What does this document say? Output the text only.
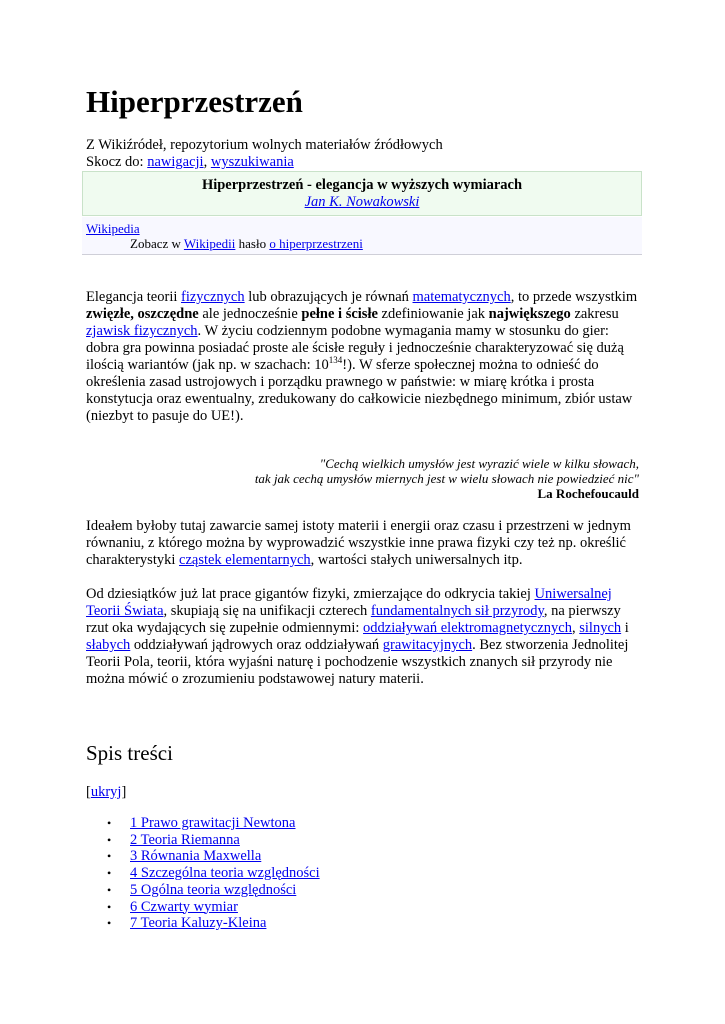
Hiperprzestrzeń
Z Wikiźródeł, repozytorium wolnych materiałów źródłowych
Skocz do: nawigacji, wyszukiwania
Hiperprzestrzeń - elegancja w wyższych wymiarach
Jan K. Nowakowski
Wikipedia
Zobacz w Wikipedii hasło o hiperprzestrzeni
Elegancja teorii fizycznych lub obrazujących je równań matematycznych, to przede wszystkim zwięzłe, oszczędne ale jednocześnie pełne i ścisłe zdefiniowanie jak największego zakresu zjawisk fizycznych. W życiu codziennym podobne wymagania mamy w stosunku do gier: dobra gra powinna posiadać proste ale ścisłe reguły i jednocześnie charakteryzować się dużą ilością wariantów (jak np. w szachach: $10^{134}$!). W sferze społecznej można to odnieść do określenia zasad ustrojowych i porządku prawnego w państwie: w miarę krótka i prosta konstytucja oraz ewentualny, zredukowany do całkowicie niezbędnego minimum, zbiór ustaw (niezbyt to pasuje do UE!).
"Cechą wielkich umysłów jest wyrazić wiele w kilku słowach,
tak jak cechą umysłów miernych jest w wielu słowach nie powiedzieć nic"
La Rochefoucauld
Ideałem byłoby tutaj zawarcie samej istoty materii i energii oraz czasu i przestrzeni w jednym równaniu, z którego można by wyprowadzić wszystkie inne prawa fizyki czy też np. określić charakterystyki cząstek elementarnych, wartości stałych uniwersalnych itp.
Od dziesiątków już lat prace gigantów fizyki, zmierzające do odkrycia takiej Uniwersalnej Teorii Świata, skupiają się na unifikacji czterech fundamentalnych sił przyrody, na pierwszy rzut oka wydających się zupełnie odmiennymi: oddziaływań elektromagnetycznych, silnych i słabych oddziaływań jądrowych oraz oddziaływań grawitacyjnych. Bez stworzenia Jednolitej Teorii Pola, teorii, która wyjaśni naturę i pochodzenie wszystkich znanych sił przyrody nie można mówić o zrozumieniu podstawowej natury materii.
Spis treści
[ukryj]
• 1 Prawo grawitacji Newtona
• 2 Teoria Riemanna
• 3 Równania Maxwella
• 4 Szczególna teoria względności
• 5 Ogólna teoria względności
• 6 Czwarty wymiar
• 7 Teoria Kaluzy-Kleina
